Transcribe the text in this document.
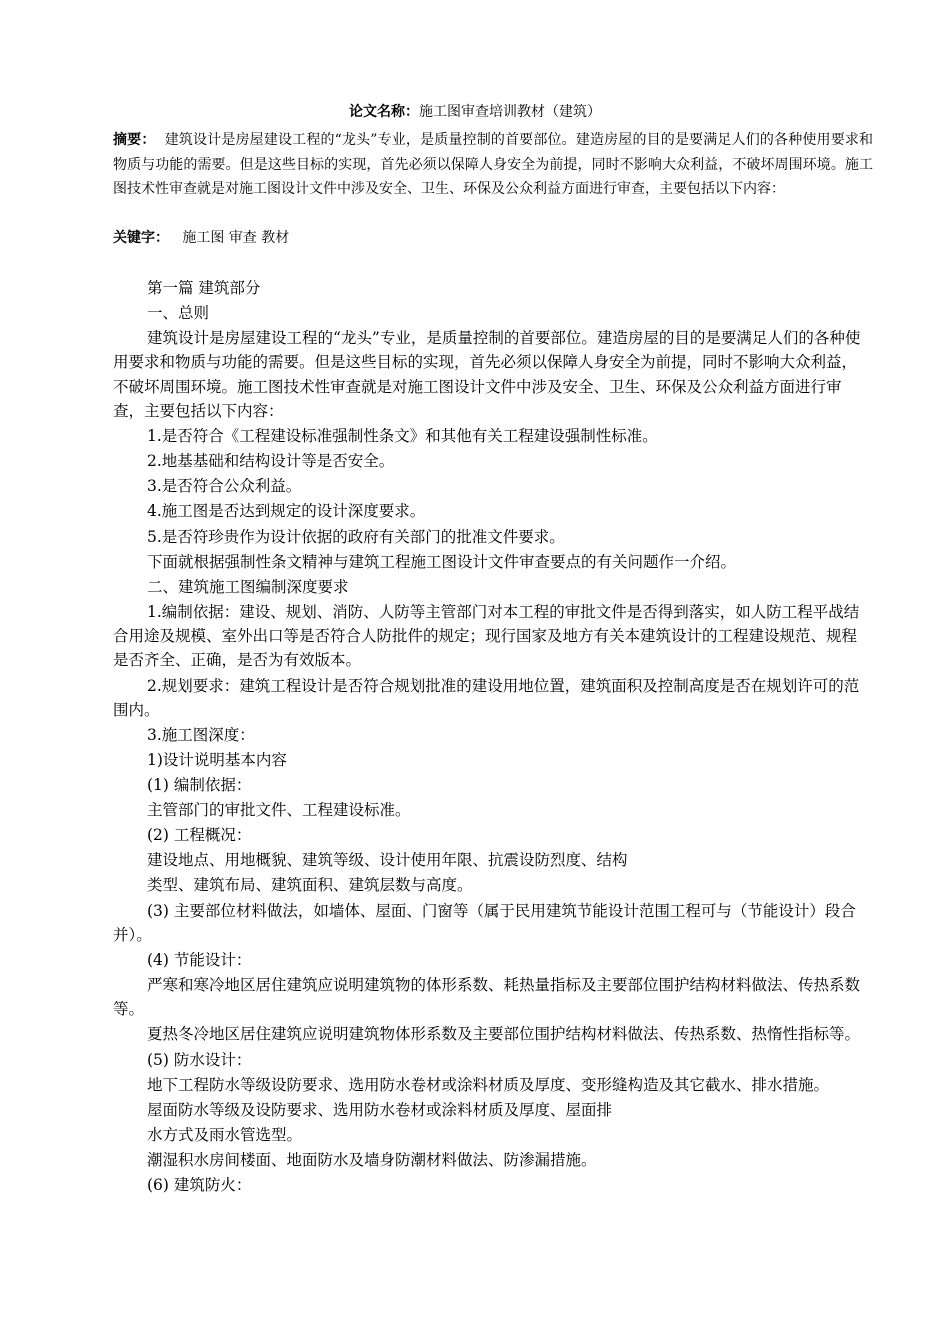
论文名称：施工图审查培训教材（建筑）
摘要： 建筑设计是房屋建设工程的“龙头”专业，是质量控制的首要部位。建造房屋的目的是要满足人们的各种使用要求和物质与功能的需要。但是这些目标的实现，首先必须以保障人身安全为前提，同时不影响大众利益，不破坏周围环境。施工图技术性审查就是对施工图设计文件中涉及安全、卫生、环保及公众利益方面进行审查，主要包括以下内容：
关键字： 施工图 审查 教材

第一篇 建筑部分

一、总则

建筑设计是房屋建设工程的“龙头”专业，是质量控制的首要部位。建造房屋的目的是要满足人们的各种使用要求和物质与功能的需要。但是这些目标的实现，首先必须以保障人身安全为前提，同时不影响大众利益，不破坏周围环境。施工图技术性审查就是对施工图设计文件中涉及安全、卫生、环保及公众利益方面进行审查，主要包括以下内容：

1.是否符合《工程建设标准强制性条文》和其他有关工程建设强制性标准。

2.地基基础和结构设计等是否安全。

3.是否符合公众利益。

4.施工图是否达到规定的设计深度要求。

5.是否符珍贵作为设计依据的政府有关部门的批准文件要求。

下面就根据强制性条文精神与建筑工程施工图设计文件审查要点的有关问题作一介绍。

二、建筑施工图编制深度要求

1.编制依据：建设、规划、消防、人防等主管部门对本工程的审批文件是否得到落实，如人防工程平战结合用途及规模、室外出口等是否符合人防批件的规定；现行国家及地方有关本建筑设计的工程建设规范、规程是否齐全、正确，是否为有效版本。

2.规划要求：建筑工程设计是否符合规划批准的建设用地位置，建筑面积及控制高度是否在规划许可的范围内。

3.施工图深度：

1)设计说明基本内容

(1) 编制依据：

主管部门的审批文件、工程建设标准。

(2) 工程概况：

建设地点、用地概貌、建筑等级、设计使用年限、抗震设防烈度、结构

类型、建筑布局、建筑面积、建筑层数与高度。

(3) 主要部位材料做法，如墙体、屋面、门窗等（属于民用建筑节能设计范围工程可与（节能设计）段合并）。

(4) 节能设计：

严寒和寒冷地区居住建筑应说明建筑物的体形系数、耗热量指标及主要部位围护结构材料做法、传热系数等。

夏热冬冷地区居住建筑应说明建筑物体形系数及主要部位围护结构材料做法、传热系数、热惰性指标等。

(5) 防水设计：

地下工程防水等级设防要求、选用防水卷材或涂料材质及厚度、变形缝构造及其它截水、排水措施。

屋面防水等级及设防要求、选用防水卷材或涂料材质及厚度、屋面排

水方式及雨水管选型。

潮湿积水房间楼面、地面防水及墙身防潮材料做法、防渗漏措施。

(6) 建筑防火：
